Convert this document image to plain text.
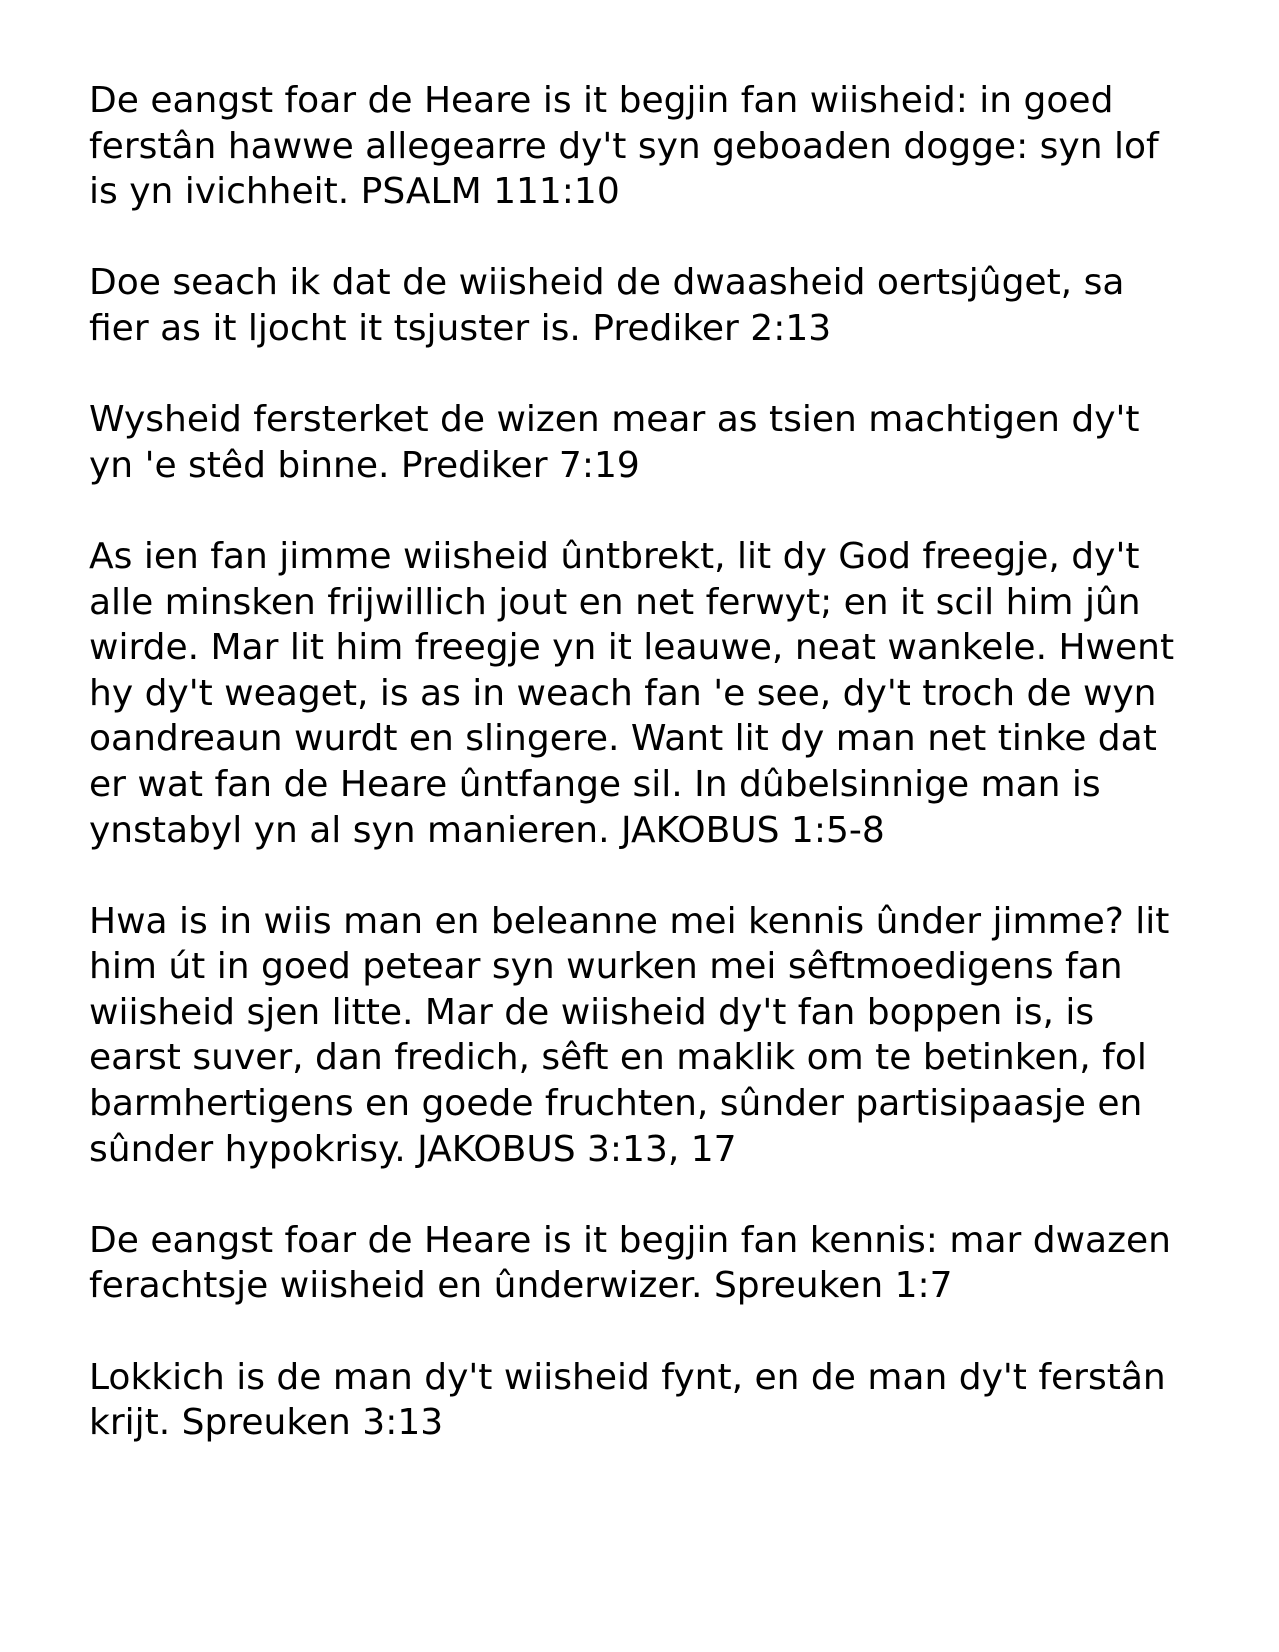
De eangst foar de Heare is it begjin fan wiisheid: in goed
ferstân hawwe allegearre dy't syn geboaden dogge: syn lof
is yn ivichheit. PSALM 111:10

Doe seach ik dat de wiisheid de dwaasheid oertsjûget, sa
fier as it ljocht it tsjuster is. Prediker 2:13

Wysheid fersterket de wizen mear as tsien machtigen dy't
yn 'e stêd binne. Prediker 7:19

As ien fan jimme wiisheid ûntbrekt, lit dy God freegje, dy't
alle minsken frijwillich jout en net ferwyt; en it scil him jûn
wirde. Mar lit him freegje yn it leauwe, neat wankele. Hwent
hy dy't weaget, is as in weach fan 'e see, dy't troch de wyn
oandreaun wurdt en slingere. Want lit dy man net tinke dat
er wat fan de Heare ûntfange sil. In dûbelsinnige man is
ynstabyl yn al syn manieren. JAKOBUS 1:5-8

Hwa is in wiis man en beleanne mei kennis ûnder jimme? lit
him út in goed petear syn wurken mei sêftmoedigens fan
wiisheid sjen litte. Mar de wiisheid dy't fan boppen is, is
earst suver, dan fredich, sêft en maklik om te betinken, fol
barmhertigens en goede fruchten, sûnder partisipaasje en
sûnder hypokrisy. JAKOBUS 3:13, 17

De eangst foar de Heare is it begjin fan kennis: mar dwazen
ferachtsje wiisheid en ûnderwizer. Spreuken 1:7

Lokkich is de man dy't wiisheid fynt, en de man dy't ferstân
krijt. Spreuken 3:13
